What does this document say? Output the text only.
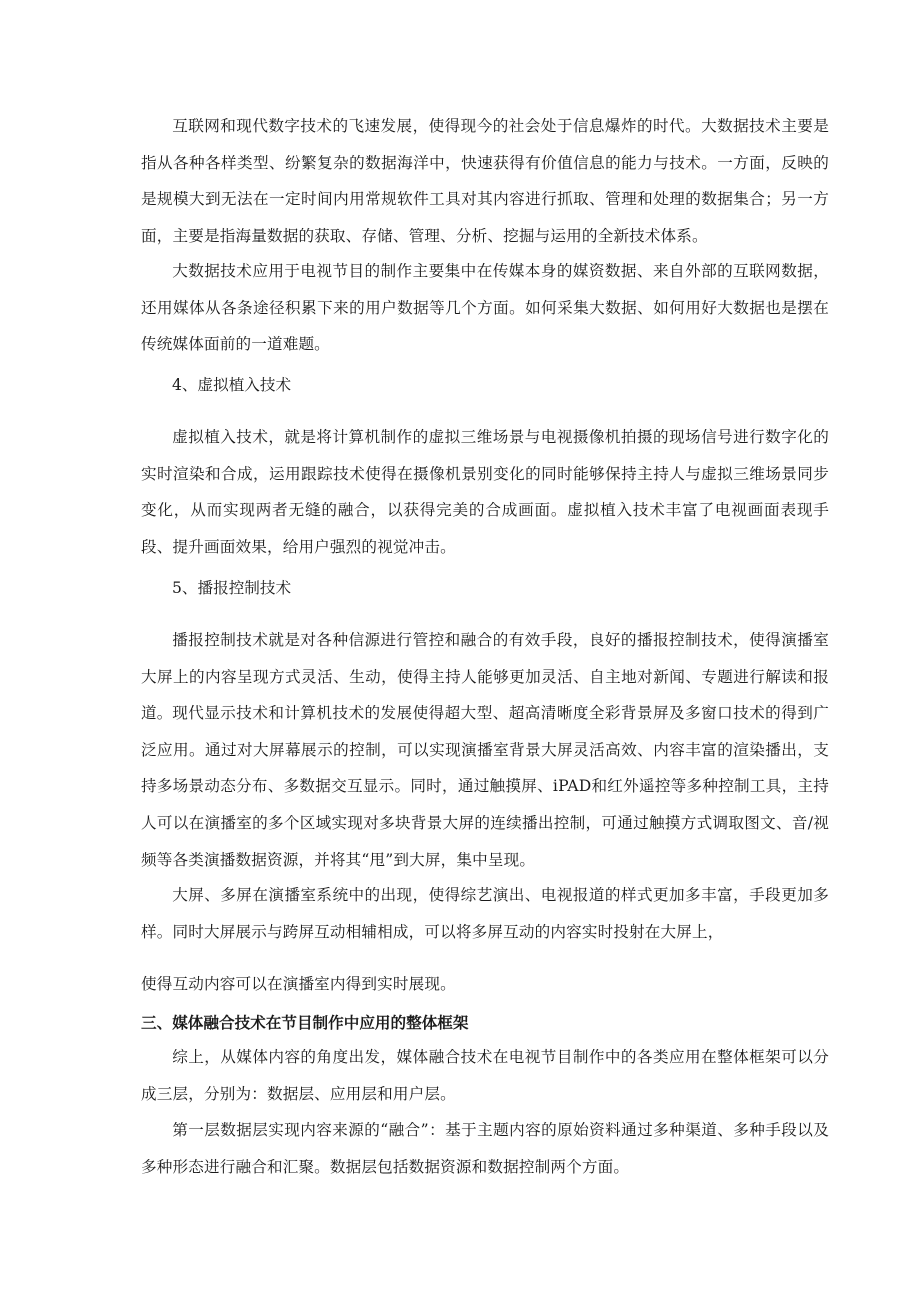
互联网和现代数字技术的飞速发展，使得现今的社会处于信息爆炸的时代。大数据技术主要是指从各种各样类型、纷繁复杂的数据海洋中，快速获得有价值信息的能力与技术。一方面，反映的是规模大到无法在一定时间内用常规软件工具对其内容进行抓取、管理和处理的数据集合；另一方面，主要是指海量数据的获取、存储、管理、分析、挖掘与运用的全新技术体系。

大数据技术应用于电视节目的制作主要集中在传媒本身的媒资数据、来自外部的互联网数据，还用媒体从各条途径积累下来的用户数据等几个方面。如何采集大数据、如何用好大数据也是摆在传统媒体面前的一道难题。

4、虚拟植入技术

虚拟植入技术，就是将计算机制作的虚拟三维场景与电视摄像机拍摄的现场信号进行数字化的实时渲染和合成，运用跟踪技术使得在摄像机景别变化的同时能够保持主持人与虚拟三维场景同步变化，从而实现两者无缝的融合，以获得完美的合成画面。虚拟植入技术丰富了电视画面表现手段、提升画面效果，给用户强烈的视觉冲击。

5、播报控制技术

播报控制技术就是对各种信源进行管控和融合的有效手段，良好的播报控制技术，使得演播室大屏上的内容呈现方式灵活、生动，使得主持人能够更加灵活、自主地对新闻、专题进行解读和报道。 现代显示技术和计算机技术的发展使得超大型、超高清晰度全彩背景屏及多窗口技术的得到广泛应用。通过对大屏幕展示的控制，可以实现演播室背景大屏灵活高效、内容丰富的渲染播出，支持多场景动态分布、多数据交互显示。同时，通过触摸屏、iPAD和红外遥控等多种控制工具，主持人可以在演播室的多个区域实现对多块背景大屏的连续播出控制，可通过触摸方式调取图文、音/视频等各类演播数据资源，并将其“甩”到大屏，集中呈现。

大屏、多屏在演播室系统中的出现，使得综艺演出、电视报道的样式更加多丰富，手段更加多样。同时大屏展示与跨屏互动相辅相成，可以将多屏互动的内容实时投射在大屏上，

使得互动内容可以在演播室内得到实时展现。

三、媒体融合技术在节目制作中应用的整体框架

综上，从媒体内容的角度出发，媒体融合技术在电视节目制作中的各类应用在整体框架可以分成三层，分别为：数据层、应用层和用户层。

第一层数据层实现内容来源的“融合”：基于主题内容的原始资料通过多种渠道、多种手段以及多种形态进行融合和汇聚。数据层包括数据资源和数据控制两个方面。
